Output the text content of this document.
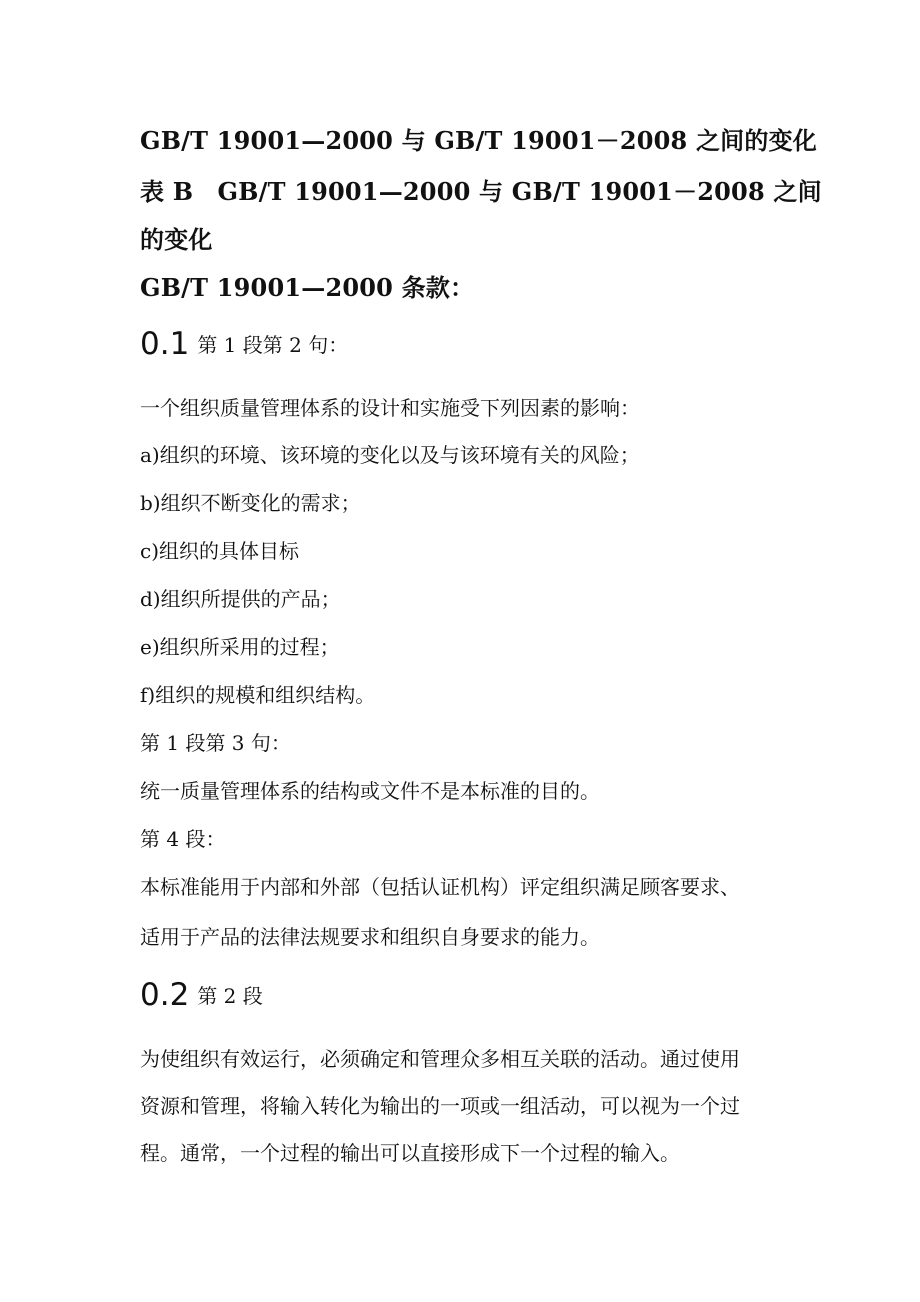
GB/T 19001—2000 与 GB/T 19001－2008 之间的变化

表 B　GB/T 19001—2000 与 GB/T 19001－2008 之间

的变化

GB/T 19001—2000 条款：

0.1 第 1 段第 2 句：

一个组织质量管理体系的设计和实施受下列因素的影响：

a)组织的环境、该环境的变化以及与该环境有关的风险；

b)组织不断变化的需求；

c)组织的具体目标

d)组织所提供的产品；

e)组织所采用的过程；

f)组织的规模和组织结构。

第 1 段第 3 句：

统一质量管理体系的结构或文件不是本标准的目的。

第 4 段：

本标准能用于内部和外部（包括认证机构）评定组织满足顾客要求、

适用于产品的法律法规要求和组织自身要求的能力。

0.2 第 2 段

为使组织有效运行，必须确定和管理众多相互关联的活动。通过使用

资源和管理，将输入转化为输出的一项或一组活动，可以视为一个过

程。通常，一个过程的输出可以直接形成下一个过程的输入。
